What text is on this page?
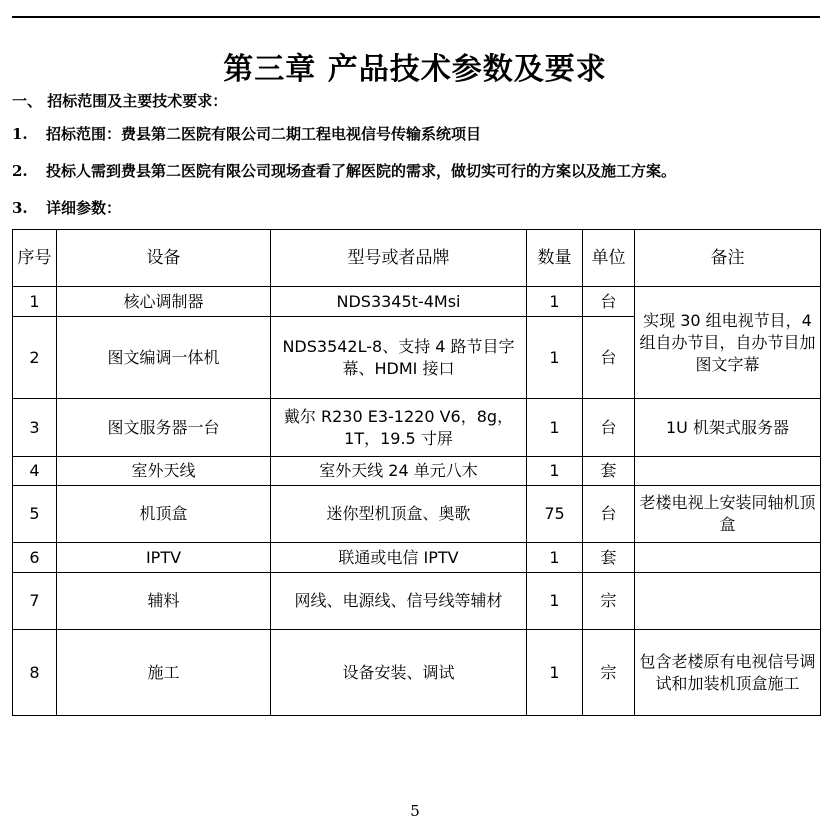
第三章 产品技术参数及要求
一、 招标范围及主要技术要求：
1. 招标范围：费县第二医院有限公司二期工程电视信号传输系统项目
2. 投标人需到费县第二医院有限公司现场查看了解医院的需求，做切实可行的方案以及施工方案。
3. 详细参数：
序号	设备	型号或者品牌	数量	单位	备注
1	核心调制器	NDS3345t-4Msi	1	台	实现 30 组电视节目，4 组自办节目，自办节目加图文字幕
2	图文编调一体机	NDS3542L-8、支持 4 路节目字幕、HDMI 接口	1	台	
3	图文服务器一台	戴尔 R230 E3-1220 V6，8g，1T，19.5 寸屏	1	台	1U 机架式服务器
4	室外天线	室外天线 24 单元八木	1	套	
5	机顶盒	迷你型机顶盒、奥歌	75	台	老楼电视上安装同轴机顶盒
6	IPTV	联通或电信 IPTV	1	套	
7	辅料	网线、电源线、信号线等辅材	1	宗	
8	施工	设备安装、调试	1	宗	包含老楼原有电视信号调试和加装机顶盒施工
5
